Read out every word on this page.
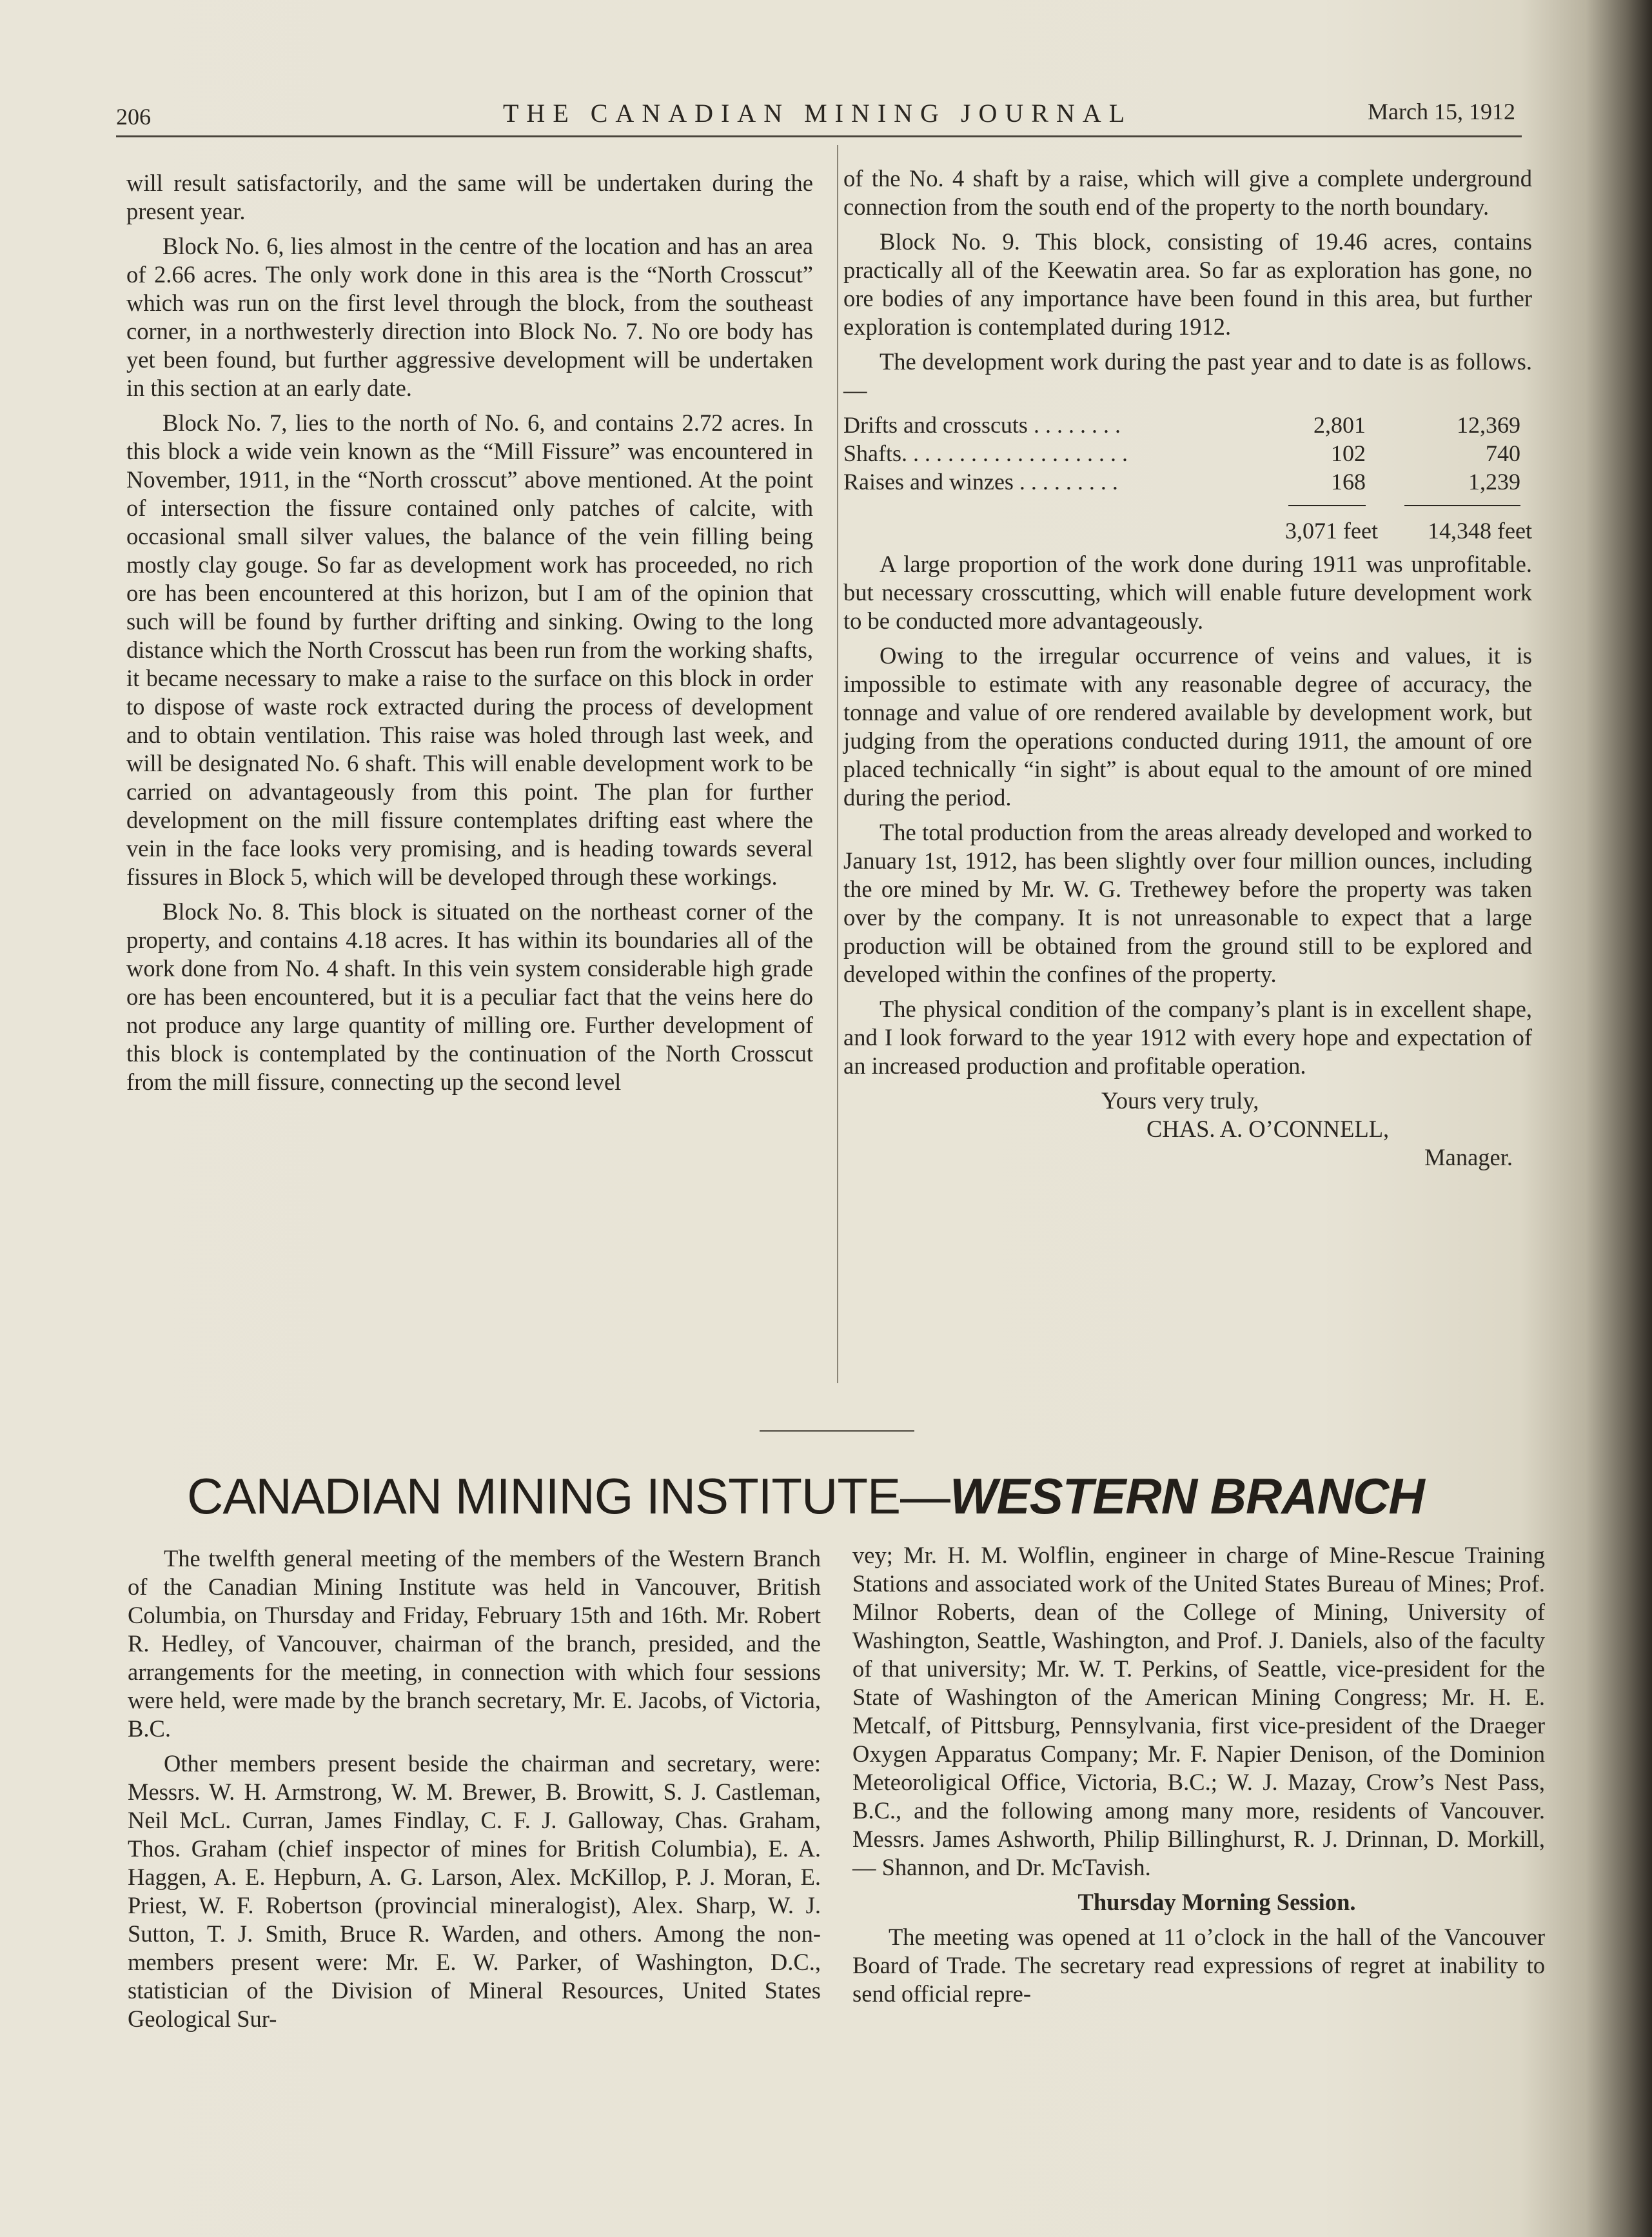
206	THE CANADIAN MINING JOURNAL	March 15, 1912

will result satisfactorily, and the same will be undertaken during the present year.

Block No. 6, lies almost in the centre of the location and has an area of 2.66 acres. The only work done in this area is the “North Crosscut” which was run on the first level through the block, from the southeast corner, in a northwesterly direction into Block No. 7. No ore body has yet been found, but further aggressive development will be undertaken in this section at an early date.

Block No. 7, lies to the north of No. 6, and contains 2.72 acres. In this block a wide vein known as the “Mill Fissure” was encountered in November, 1911, in the “North crosscut” above mentioned. At the point of intersection the fissure contained only patches of calcite, with occasional small silver values, the balance of the vein filling being mostly clay gouge. So far as development work has proceeded, no rich ore has been encountered at this horizon, but I am of the opinion that such will be found by further drifting and sinking. Owing to the long distance which the North Crosscut has been run from the working shafts, it became necessary to make a raise to the surface on this block in order to dispose of waste rock extracted during the process of development and to obtain ventilation. This raise was holed through last week, and will be designated No. 6 shaft. This will enable development work to be carried on advantageously from this point. The plan for further development on the mill fissure contemplates drifting east where the vein in the face looks very promising, and is heading towards several fissures in Block 5, which will be developed through these workings.

Block No. 8. This block is situated on the northeast corner of the property, and contains 4.18 acres. It has within its boundaries all of the work done from No. 4 shaft. In this vein system considerable high grade ore has been encountered, but it is a peculiar fact that the veins here do not produce any large quantity of milling ore. Further development of this block is contemplated by the continuation of the North Crosscut from the mill fissure, connecting up the second level

of the No. 4 shaft by a raise, which will give a complete underground connection from the south end of the property to the north boundary.

Block No. 9. This block, consisting of 19.46 acres, contains practically all of the Keewatin area. So far as exploration has gone, no ore bodies of any importance have been found in this area, but further exploration is contemplated during 1912.

The development work during the past year and to date is as follows.—

Drifts and crosscuts . . . . . . . .	2,801	12,369
Shafts. . . . . . . . . . . . . . . . . . . .	102	740
Raises and winzes . . . . . . . . .	168	1,239
3,071 feet	14,348 feet

A large proportion of the work done during 1911 was unprofitable. but necessary crosscutting, which will enable future development work to be conducted more advantageously.

Owing to the irregular occurrence of veins and values, it is impossible to estimate with any reasonable degree of accuracy, the tonnage and value of ore rendered available by development work, but judging from the operations conducted during 1911, the amount of ore placed technically “in sight” is about equal to the amount of ore mined during the period.

The total production from the areas already developed and worked to January 1st, 1912, has been slightly over four million ounces, including the ore mined by Mr. W. G. Trethewey before the property was taken over by the company. It is not unreasonable to expect that a large production will be obtained from the ground still to be explored and developed within the confines of the property.

The physical condition of the company’s plant is in excellent shape, and I look forward to the year 1912 with every hope and expectation of an increased production and profitable operation.

Yours very truly,
CHAS. A. O’CONNELL,
Manager.
CANADIAN MINING INSTITUTE—WESTERN BRANCH

The twelfth general meeting of the members of the Western Branch of the Canadian Mining Institute was held in Vancouver, British Columbia, on Thursday and Friday, February 15th and 16th. Mr. Robert R. Hedley, of Vancouver, chairman of the branch, presided, and the arrangements for the meeting, in connection with which four sessions were held, were made by the branch secretary, Mr. E. Jacobs, of Victoria, B.C.

Other members present beside the chairman and secretary, were: Messrs. W. H. Armstrong, W. M. Brewer, B. Browitt, S. J. Castleman, Neil McL. Curran, James Findlay, C. F. J. Galloway, Chas. Graham, Thos. Graham (chief inspector of mines for British Columbia), E. A. Haggen, A. E. Hepburn, A. G. Larson, Alex. McKillop, P. J. Moran, E. Priest, W. F. Robertson (provincial mineralogist), Alex. Sharp, W. J. Sutton, T. J. Smith, Bruce R. Warden, and others. Among the non-members present were: Mr. E. W. Parker, of Washington, D.C., statistician of the Division of Mineral Resources, United States Geological Sur-

vey; Mr. H. M. Wolflin, engineer in charge of Mine-Rescue Training Stations and associated work of the United States Bureau of Mines; Prof. Milnor Roberts, dean of the College of Mining, University of Washington, Seattle, Washington, and Prof. J. Daniels, also of the faculty of that university; Mr. W. T. Perkins, of Seattle, vice-president for the State of Washington of the American Mining Congress; Mr. H. E. Metcalf, of Pittsburg, Pennsylvania, first vice-president of the Draeger Oxygen Apparatus Company; Mr. F. Napier Denison, of the Dominion Meteoroligical Office, Victoria, B.C.; W. J. Mazay, Crow’s Nest Pass, B.C., and the following among many more, residents of Vancouver. Messrs. James Ashworth, Philip Billinghurst, R. J. Drinnan, D. Morkill, — Shannon, and Dr. McTavish.

Thursday Morning Session.

The meeting was opened at 11 o’clock in the hall of the Vancouver Board of Trade. The secretary read expressions of regret at inability to send official repre-
